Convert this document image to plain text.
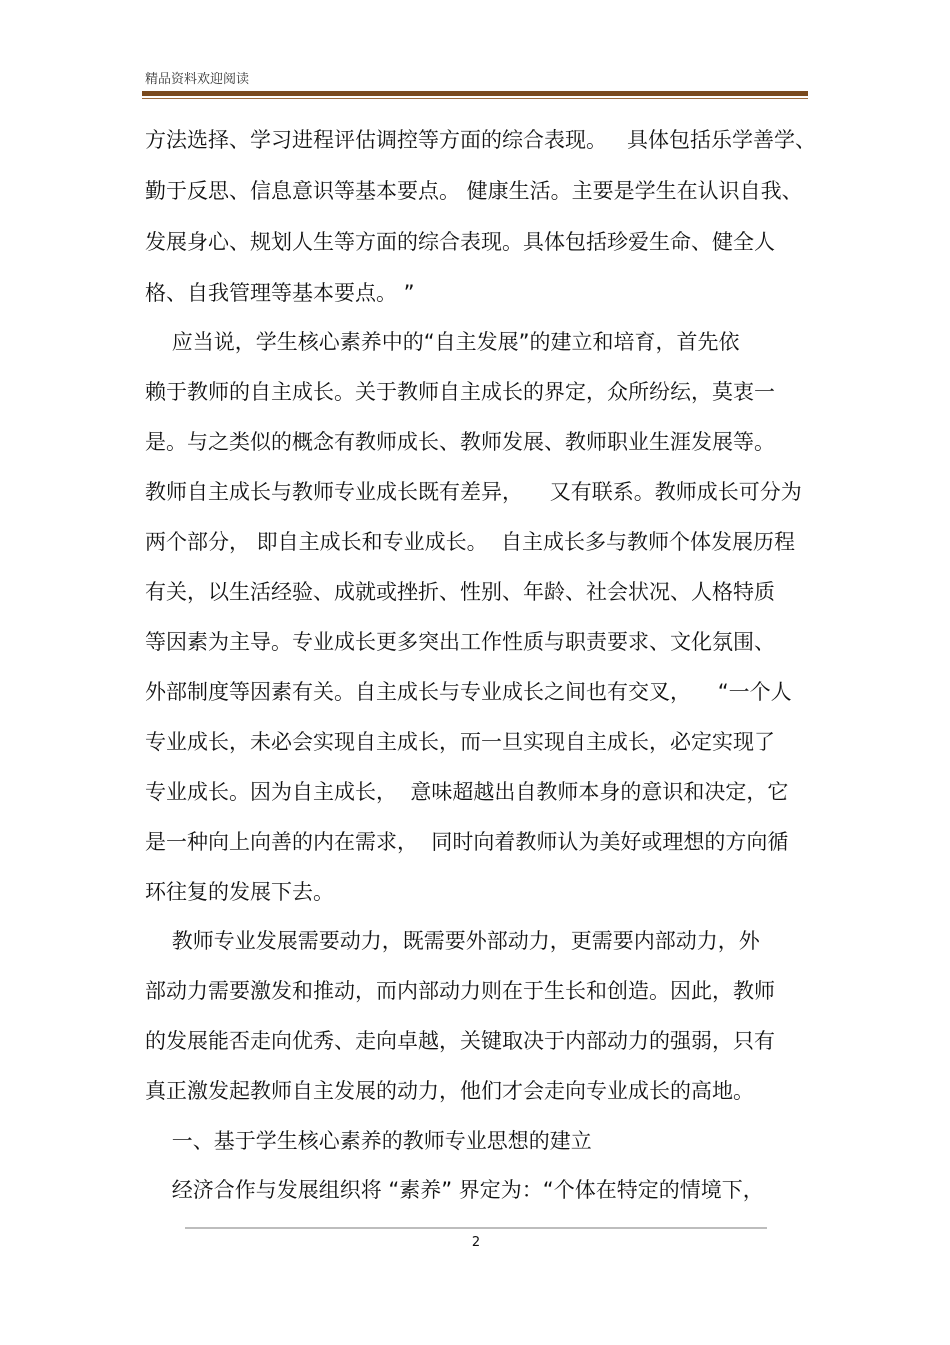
精品资料欢迎阅读
方法选择、学习进程评估调控等方面的综合表现。   具体包括乐学善学、
勤于反思、信息意识等基本要点。 健康生活。主要是学生在认识自我、
发展身心、规划人生等方面的综合表现。具体包括珍爱生命、健全人
格、自我管理等基本要点。 ”
应当说，学生核心素养中的“自主发展”的建立和培育，首先依
赖于教师的自主成长。关于教师自主成长的界定，众所纷纭，莫衷一
是。与之类似的概念有教师成长、教师发展、教师职业生涯发展等。
教师自主成长与教师专业成长既有差异，    又有联系。教师成长可分为
两个部分， 即自主成长和专业成长。  自主成长多与教师个体发展历程
有关，以生活经验、成就或挫折、性别、年龄、社会状况、人格特质
等因素为主导。专业成长更多突出工作性质与职责要求、文化氛围、
外部制度等因素有关。自主成长与专业成长之间也有交叉，    “一个人
专业成长，未必会实现自主成长，而一旦实现自主成长，必定实现了
专业成长。因为自主成长，  意味超越出自教师本身的意识和决定，它
是一种向上向善的内在需求，  同时向着教师认为美好或理想的方向循
环往复的发展下去。
教师专业发展需要动力，既需要外部动力，更需要内部动力，外
部动力需要激发和推动，而内部动力则在于生长和创造。因此，教师
的发展能否走向优秀、走向卓越，关键取决于内部动力的强弱，只有
真正激发起教师自主发展的动力，他们才会走向专业成长的高地。
一、基于学生核心素养的教师专业思想的建立
经济合作与发展组织将 “素养” 界定为：“个体在特定的情境下，
2
